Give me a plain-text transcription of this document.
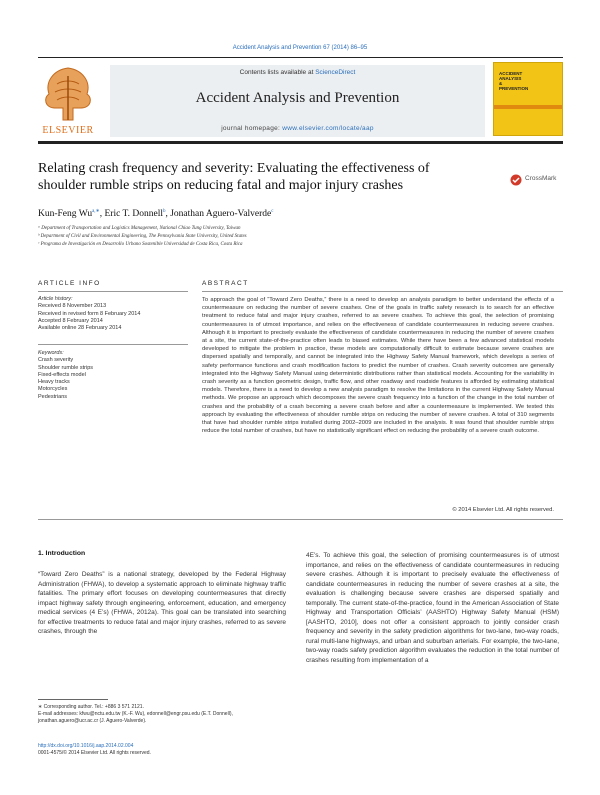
Accident Analysis and Prevention 67 (2014) 86–95
ELSEVIER
Contents lists available at ScienceDirect
Accident Analysis and Prevention
journal homepage: www.elsevier.com/locate/aap
ACCIDENT
ANALYSIS
&
PREVENTION
Relating crash frequency and severity: Evaluating the effectiveness of shoulder rumble strips on reducing fatal and major injury crashes	CrossMark
Kun-Feng $Wu^{a,∗}$, Eric T. Donnell$^b$, Jonathan Aguero-Valverde$^c$
ᵃ Department of Transportation and Logistics Management, National Chiao Tung University, Taiwan
ᵇ Department of Civil and Environmental Engineering, The Pennsylvania State University, United States
ᶜ Programa de Investigación en Desarrollo Urbano Sostenible Universidad de Costa Rica, Costa Rica
ARTICLE INFO
Article history:
Received 8 November 2013
Received in revised form 8 February 2014
Accepted 8 February 2014
Available online 28 February 2014
Keywords:
Crash severity
Shoulder rumble strips
Fixed-effects model
Heavy tracks
Motorcycles
Pedestrians
ABSTRACT
To approach the goal of “Toward Zero Deaths,” there is a need to develop an analysis paradigm to better understand the effects of a countermeasure on reducing the number of severe crashes. One of the goals in traffic safety research is to search for an effective treatment to reduce fatal and major injury crashes, referred to as severe crashes. To achieve this goal, the selection of promising countermeasures is of utmost importance, and relies on the effectiveness of candidate countermeasures in reducing severe crashes. Although it is important to precisely evaluate the effectiveness of candidate countermeasures in reducing the number of severe crashes at a site, the current state-of-the-practice often leads to biased estimates. While there have been a few advanced statistical models developed to mitigate the problem in practice, these models are computationally difficult to estimate because severe crashes are dispersed spatially and temporally, and cannot be integrated into the Highway Safety Manual framework, which develops a series of safety performance functions and crash modification factors to predict the number of crashes. Crash severity outcomes are generally integrated into the Highway Safety Manual using deterministic distributions rather than statistical models. Accounting for the variability in crash severity as a function geometric design, traffic flow, and other roadway and roadside features is afforded by estimating statistical models. Therefore, there is a need to develop a new analysis paradigm to resolve the limitations in the current Highway Safety Manual methods. We propose an approach which decomposes the severe crash frequency into a function of the change in the total number of crashes and the probability of a crash becoming a severe crash before and after a countermeasure is implemented. We tested this approach by evaluating the effectiveness of shoulder rumble strips on reducing the number of severe crashes. A total of 310 segments that have had shoulder rumble strips installed during 2002–2009 are included in the analysis. It was found that shoulder rumble strips reduce the total number of crashes, but have no statistically significant effect on reducing the probability of a severe crash outcome.
© 2014 Elsevier Ltd. All rights reserved.
1. Introduction
“Toward Zero Deaths” is a national strategy, developed by the Federal Highway Administration (FHWA), to develop a systematic approach to eliminate highway traffic fatalities. The primary effort focuses on developing countermeasures that directly impact highway safety through engineering, enforcement, education, and emergency medical services (4 E’s) (FHWA, 2012a). This goal can be translated into searching for effective treatments to reduce fatal and major injury crashes, referred to as severe crashes, through the
4E’s. To achieve this goal, the selection of promising countermeasures is of utmost importance, and relies on the effectiveness of candidate countermeasures in reducing severe crashes. Although it is important to precisely evaluate the effectiveness of candidate countermeasures in reducing the number of severe crashes at a site, the evaluation is challenging because severe crashes are dispersed spatially and temporally. The current state-of-the-practice, found in the American Association of State Highway and Transportation Officials’ (AASHTO) Highway Safety Manual (HSM) [AASHTO, 2010], does not offer a consistent approach to jointly consider crash frequency and severity in the safety prediction algorithms for two-lane, two-way roads, rural multi-lane highways, and urban and suburban arterials. For example, the two-lane, two-way roads safety prediction algorithm evaluates the reduction in the total number of crashes resulting from implementation of a
∗ Corresponding author. Tel.: +886 3 571 2121.
E-mail addresses: kfwu@nctu.edu.tw (K.-F. Wu), edonnell@engr.psu.edu (E.T. Donnell), jonathan.aguero@ucr.ac.cr (J. Aguero-Valverde).
http://dx.doi.org/10.1016/j.aap.2014.02.004
0001-4575/© 2014 Elsevier Ltd. All rights reserved.
